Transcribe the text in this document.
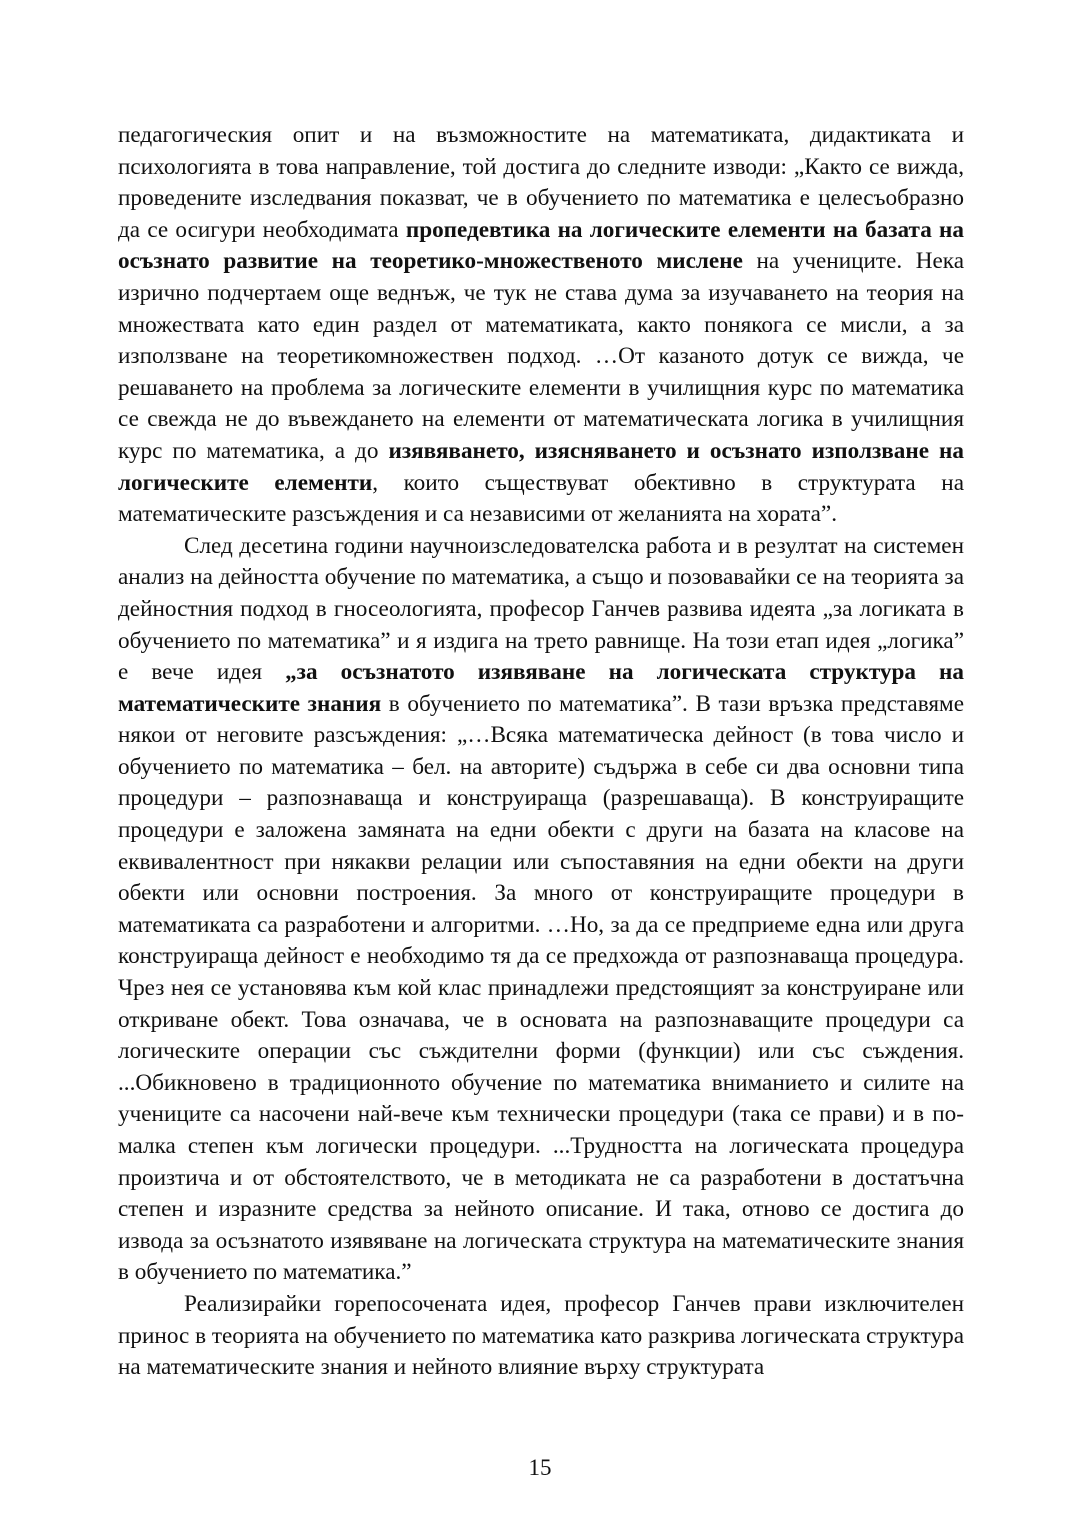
педагогическия опит и на възможностите на математиката, дидактиката и психологията в това направление, той достига до следните изводи: „Както се вижда, проведените изследвания показват, че в обучението по математика е целесъобразно да се осигури необходимата пропедевтика на логическите елементи на базата на осъзнато развитие на теоретико-множественото мислене на учениците. Нека изрично подчертаем още веднъж, че тук не става дума за изучаването на теория на множествата като един раздел от математиката, както понякога се мисли, а за използване на теоретикомножествен подход. …От казаното дотук се вижда, че решаването на проблема за логическите елементи в училищния курс по математика се свежда не до въвеждането на елементи от математическата логика в училищния курс по математика, а до изявяването, изясняването и осъзнато използване на логическите елементи, които съществуват обективно в структурата на математическите разсъждения и са независими от желанията на хората”.

След десетина години научноизследователска работа и в резултат на системен анализ на дейността обучение по математика, а също и позовавайки се на теорията за дейностния подход в гносеологията, професор Ганчев развива идеята „за логиката в обучението по математика” и я издига на трето равнище. На този етап идея „логика” е вече идея „за осъзнатото изявяване на логическата структура на математическите знания в обучението по математика”. В тази връзка представяме някои от неговите разсъждения: „…Всяка математическа дейност (в това число и обучението по математика – бел. на авторите) съдържа в себе си два основни типа процедури – разпознаваща и конструираща (разрешаваща). В конструиращите процедури е заложена замяната на едни обекти с други на базата на класове на еквивалентност при някакви релации или съпоставяния на едни обекти на други обекти или основни построения. За много от конструиращите процедури в математиката са разработени и алгоритми. …Но, за да се предприеме една или друга конструираща дейност е необходимо тя да се предхожда от разпознаваща процедура. Чрез нея се установява към кой клас принадлежи предстоящият за конструиране или откриване обект. Това означава, че в основата на разпознаващите процедури са логическите операции със съждителни форми (функции) или със съждения. ...Обикновено в традиционното обучение по математика вниманието и силите на учениците са насочени най-вече към технически процедури (така се прави) и в по-малка степен към логически процедури. ...Трудността на логическата процедура произтича и от обстоятелството, че в методиката не са разработени в достатъчна степен и изразните средства за нейното описание. И така, отново се достига до извода за осъзнатото изявяване на логическата структура на математическите знания в обучението по математика.”

Реализирайки горепосочената идея, професор Ганчев прави изключителен принос в теорията на обучението по математика като разкрива логическата структура на математическите знания и нейното влияние върху структурата

15
